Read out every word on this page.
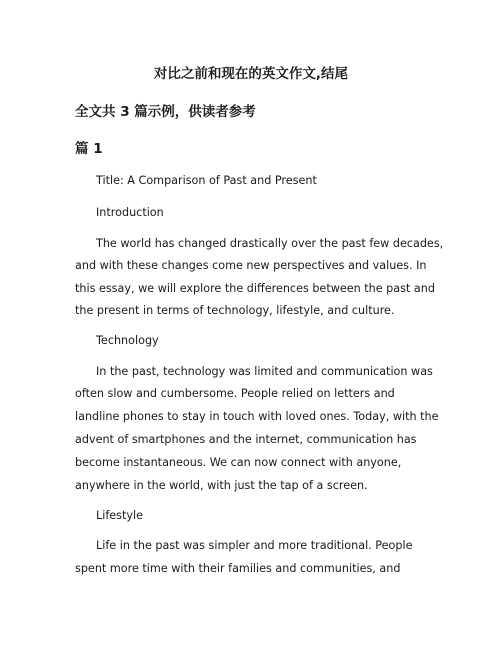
对比之前和现在的英文作文,结尾
全文共 3 篇示例，供读者参考
篇 1
Title: A Comparison of Past and Present
Introduction
The world has changed drastically over the past few decades,
and with these changes come new perspectives and values. In
this essay, we will explore the differences between the past and
the present in terms of technology, lifestyle, and culture.
Technology
In the past, technology was limited and communication was
often slow and cumbersome. People relied on letters and
landline phones to stay in touch with loved ones. Today, with the
advent of smartphones and the internet, communication has
become instantaneous. We can now connect with anyone,
anywhere in the world, with just the tap of a screen.
Lifestyle
Life in the past was simpler and more traditional. People
spent more time with their families and communities, and
